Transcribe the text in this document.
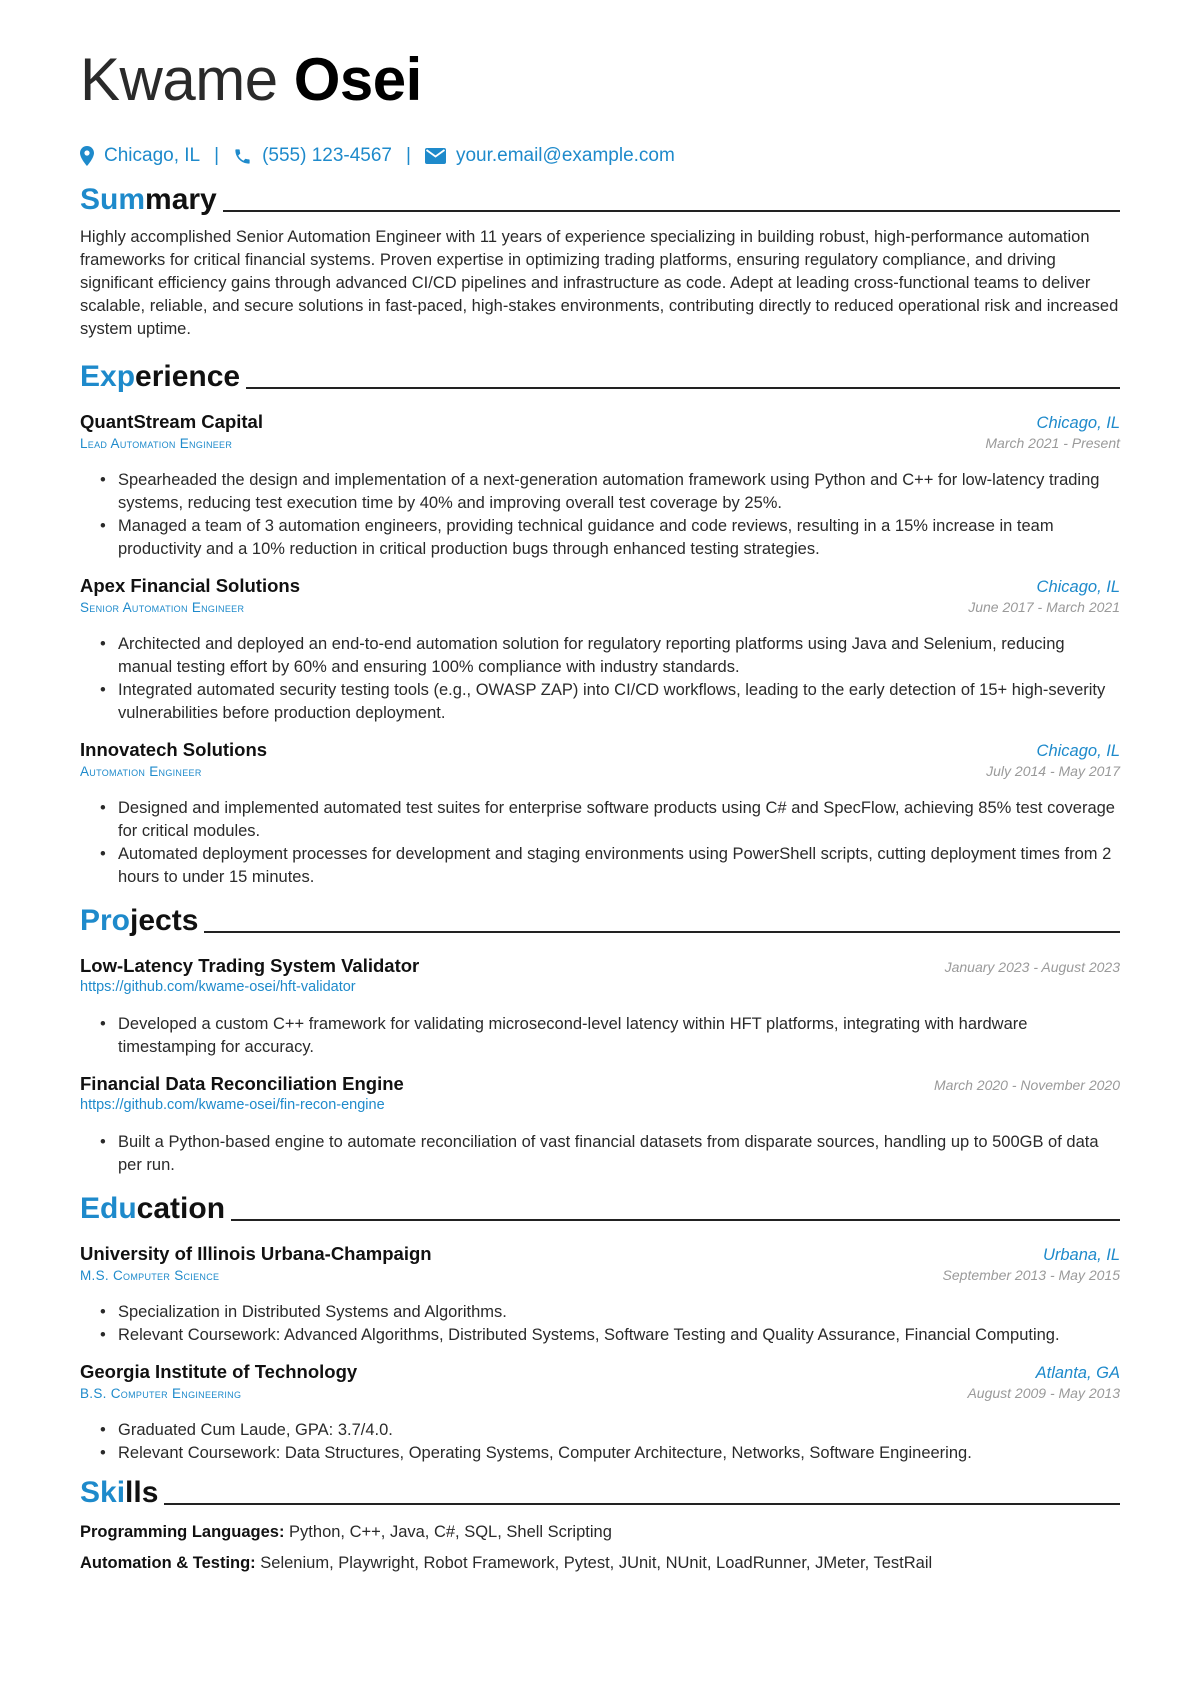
Kwame Osei
Chicago, IL | (555) 123-4567 | your.email@example.com
Summary

Highly accomplished Senior Automation Engineer with 11 years of experience specializing in building robust, high-performance automation frameworks for critical financial systems. Proven expertise in optimizing trading platforms, ensuring regulatory compliance, and driving significant efficiency gains through advanced CI/CD pipelines and infrastructure as code. Adept at leading cross-functional teams to deliver scalable, reliable, and secure solutions in fast-paced, high-stakes environments, contributing directly to reduced operational risk and increased system uptime.

Experience
QuantStream Capital	Chicago, IL
Lead Automation Engineer	March 2021 - Present
• Spearheaded the design and implementation of a next-generation automation framework using Python and C++ for low-latency trading systems, reducing test execution time by 40% and improving overall test coverage by 25%.
• Managed a team of 3 automation engineers, providing technical guidance and code reviews, resulting in a 15% increase in team productivity and a 10% reduction in critical production bugs through enhanced testing strategies.
Apex Financial Solutions	Chicago, IL
Senior Automation Engineer	June 2017 - March 2021
• Architected and deployed an end-to-end automation solution for regulatory reporting platforms using Java and Selenium, reducing manual testing effort by 60% and ensuring 100% compliance with industry standards.
• Integrated automated security testing tools (e.g., OWASP ZAP) into CI/CD workflows, leading to the early detection of 15+ high-severity vulnerabilities before production deployment.
Innovatech Solutions	Chicago, IL
Automation Engineer	July 2014 - May 2017
• Designed and implemented automated test suites for enterprise software products using C# and SpecFlow, achieving 85% test coverage for critical modules.
• Automated deployment processes for development and staging environments using PowerShell scripts, cutting deployment times from 2 hours to under 15 minutes.
Projects
Low-Latency Trading System Validator	January 2023 - August 2023
https://github.com/kwame-osei/hft-validator
• Developed a custom C++ framework for validating microsecond-level latency within HFT platforms, integrating with hardware timestamping for accuracy.
Financial Data Reconciliation Engine	March 2020 - November 2020
https://github.com/kwame-osei/fin-recon-engine
• Built a Python-based engine to automate reconciliation of vast financial datasets from disparate sources, handling up to 500GB of data per run.
Education
University of Illinois Urbana-Champaign	Urbana, IL
M.S. Computer Science	September 2013 - May 2015
• Specialization in Distributed Systems and Algorithms.
• Relevant Coursework: Advanced Algorithms, Distributed Systems, Software Testing and Quality Assurance, Financial Computing.
Georgia Institute of Technology	Atlanta, GA
B.S. Computer Engineering	August 2009 - May 2013
• Graduated Cum Laude, GPA: 3.7/4.0.
• Relevant Coursework: Data Structures, Operating Systems, Computer Architecture, Networks, Software Engineering.
Skills
Programming Languages: Python, C++, Java, C#, SQL, Shell Scripting
Automation & Testing: Selenium, Playwright, Robot Framework, Pytest, JUnit, NUnit, LoadRunner, JMeter, TestRail
